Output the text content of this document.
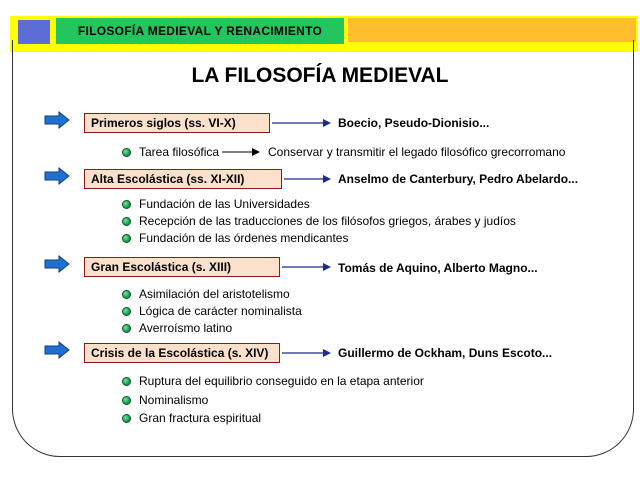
FILOSOFÍA MEDIEVAL Y RENACIMIENTO
LA FILOSOFÍA MEDIEVAL
Primeros siglos (ss. VI-X)	Boecio, Pseudo-Dionisio...
Tarea filosófica	Conservar y transmitir el legado filosófico grecorromano
Alta Escolástica (ss. XI-XII)	Anselmo de Canterbury, Pedro Abelardo...
Fundación de las Universidades
Recepción de las traducciones de los filósofos griegos, árabes y judíos
Fundación de las órdenes mendicantes
Gran Escolástica (s. XIII)	Tomás de Aquino, Alberto Magno...
Asimilación del aristotelismo
Lógica de carácter nominalista
Averroísmo latino
Crisis de la Escolástica (s. XIV)	Guillermo de Ockham, Duns Escoto...
Ruptura del equilibrio conseguido en la etapa anterior
Nominalismo
Gran fractura espiritual
